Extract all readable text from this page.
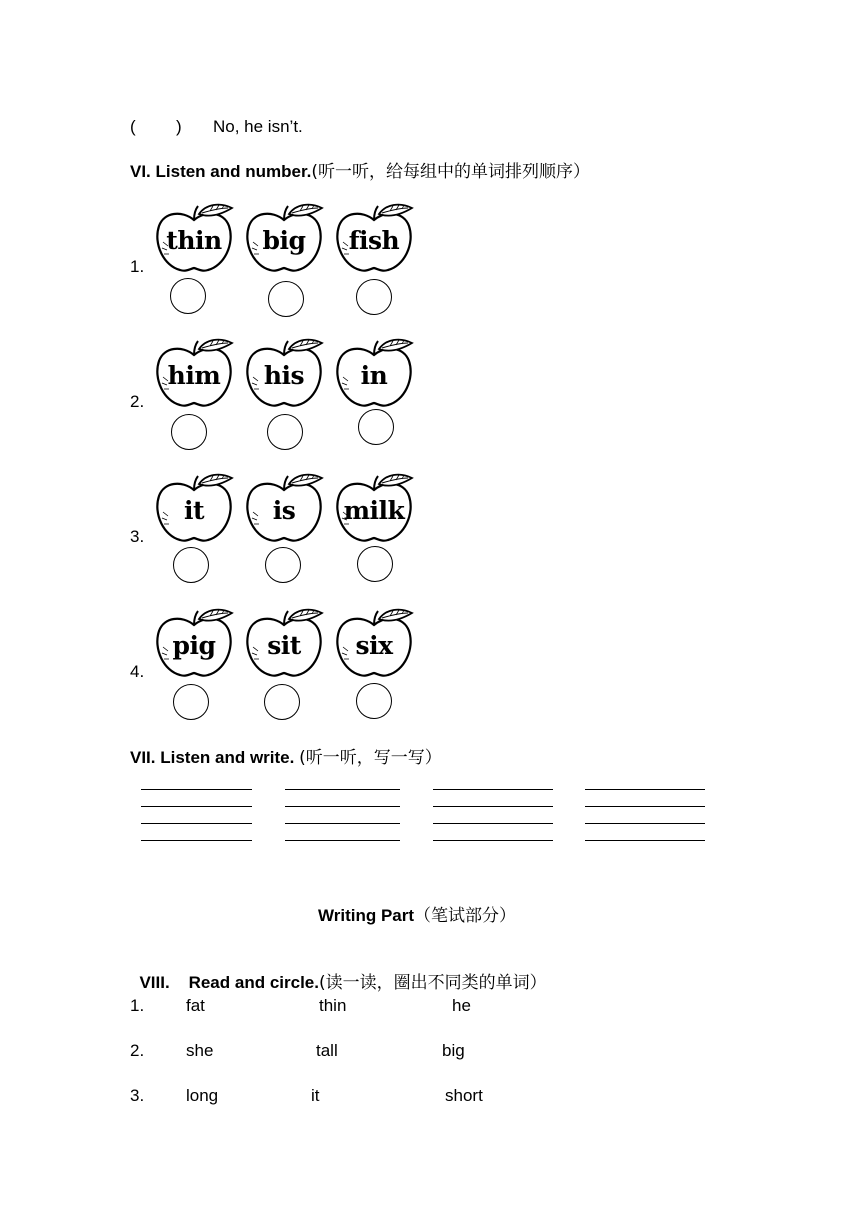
( ) No, he isn’t.
VI. Listen and number.(听一听，给每组中的单词排列顺序）
1.
thin	big	fish
2.
him	his	in
3.
it	is	milk
4.
pig	sit	six
VII. Listen and write. (听一听，写一写）
Writing Part（笔试部分）

VIII.    Read and circle.(读一读，圈出不同类的单词）

1. fat	thin	he
2. she	tall	big
3. long	it	short
